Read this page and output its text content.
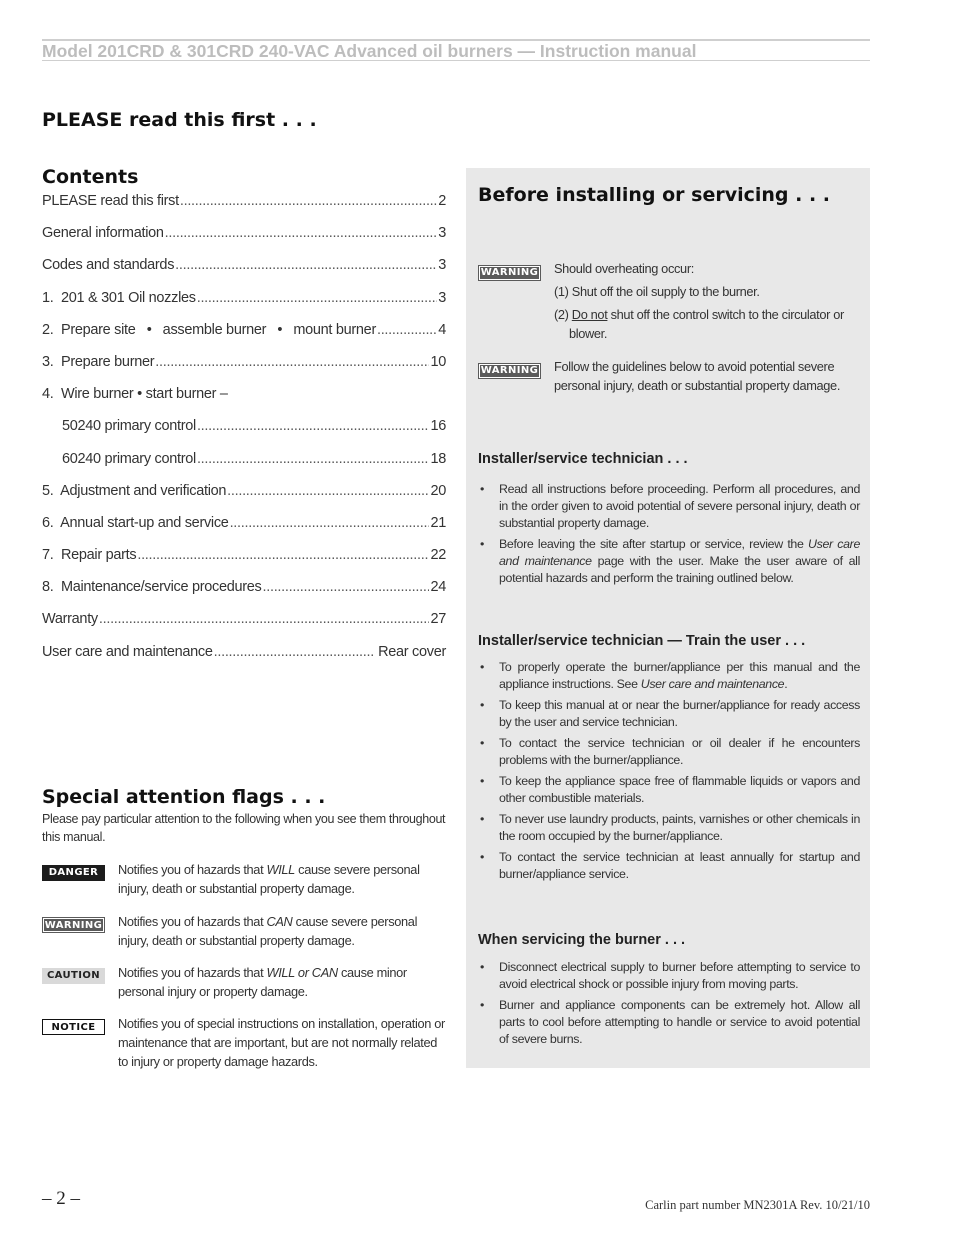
Model 201CRD & 301CRD 240-VAC Advanced oil burners — Instruction manual
PLEASE read this first . . .
Contents
PLEASE read this first .....	2
General information .....	3
Codes and standards .....	3
1.  201 & 301 Oil nozzles .....	3
2.  Prepare site   •   assemble burner   •   mount burner .....	4
3.  Prepare burner .....	10
4.  Wire burner • start burner –
50240 primary control .....	16
60240 primary control .....	18
5.  Adjustment and verification .....	20
6.  Annual start-up and service .....	21
7.  Repair parts .....	22
8.  Maintenance/service procedures .....	24
Warranty .....	27
User care and maintenance .....	Rear cover
Special attention flags . . .
Please pay particular attention to the following when you see them throughout this manual.
DANGER	Notifies you of hazards that WILL cause severe personal injury, death or substantial property damage.
WARNING Notifies you of hazards that CAN cause severe personal injury, death or substantial property damage.
CAUTION	Notifies you of hazards that WILL or CAN cause minor personal injury or property damage.
NOTICE	Notifies you of special instructions on installation, operation or maintenance that are important, but are not normally related to injury or property damage hazards.
Before installing or servicing . . .
WARNING Should overheating occur:

(1) Shut off the oil supply to the burner.

(2) Do not shut off the control switch to the circulator or blower.

WARNING Follow the guidelines below to avoid potential severe personal injury, death or substantial property damage.
Installer/service technician . . .
• Read all instructions before proceeding. Perform all procedures, and in the order given to avoid potential of severe personal injury, death or substantial property damage.
• Before leaving the site after startup or service, review the User care and maintenance page with the user. Make the user aware of all potential hazards and perform the training outlined below.
Installer/service technician — Train the user . . .
• To properly operate the burner/appliance per this manual and the appliance instructions. See User care and maintenance.
• To keep this manual at or near the burner/appliance for ready access by the user and service technician.
• To contact the service technician or oil dealer if he encounters problems with the burner/appliance.
• To keep the appliance space free of flammable liquids or vapors and other combustible materials.
• To never use laundry products, paints, varnishes or other chemicals in the room occupied by the burner/appliance.
• To contact the service technician at least annually for startup and burner/appliance service.
When servicing the burner . . .
• Disconnect electrical supply to burner before attempting to service to avoid electrical shock or possible injury from moving parts.
• Burner and appliance components can be extremely hot. Allow all parts to cool before attempting to handle or service to avoid potential of severe burns.
– 2 –	Carlin part number MN2301A Rev. 10/21/10
